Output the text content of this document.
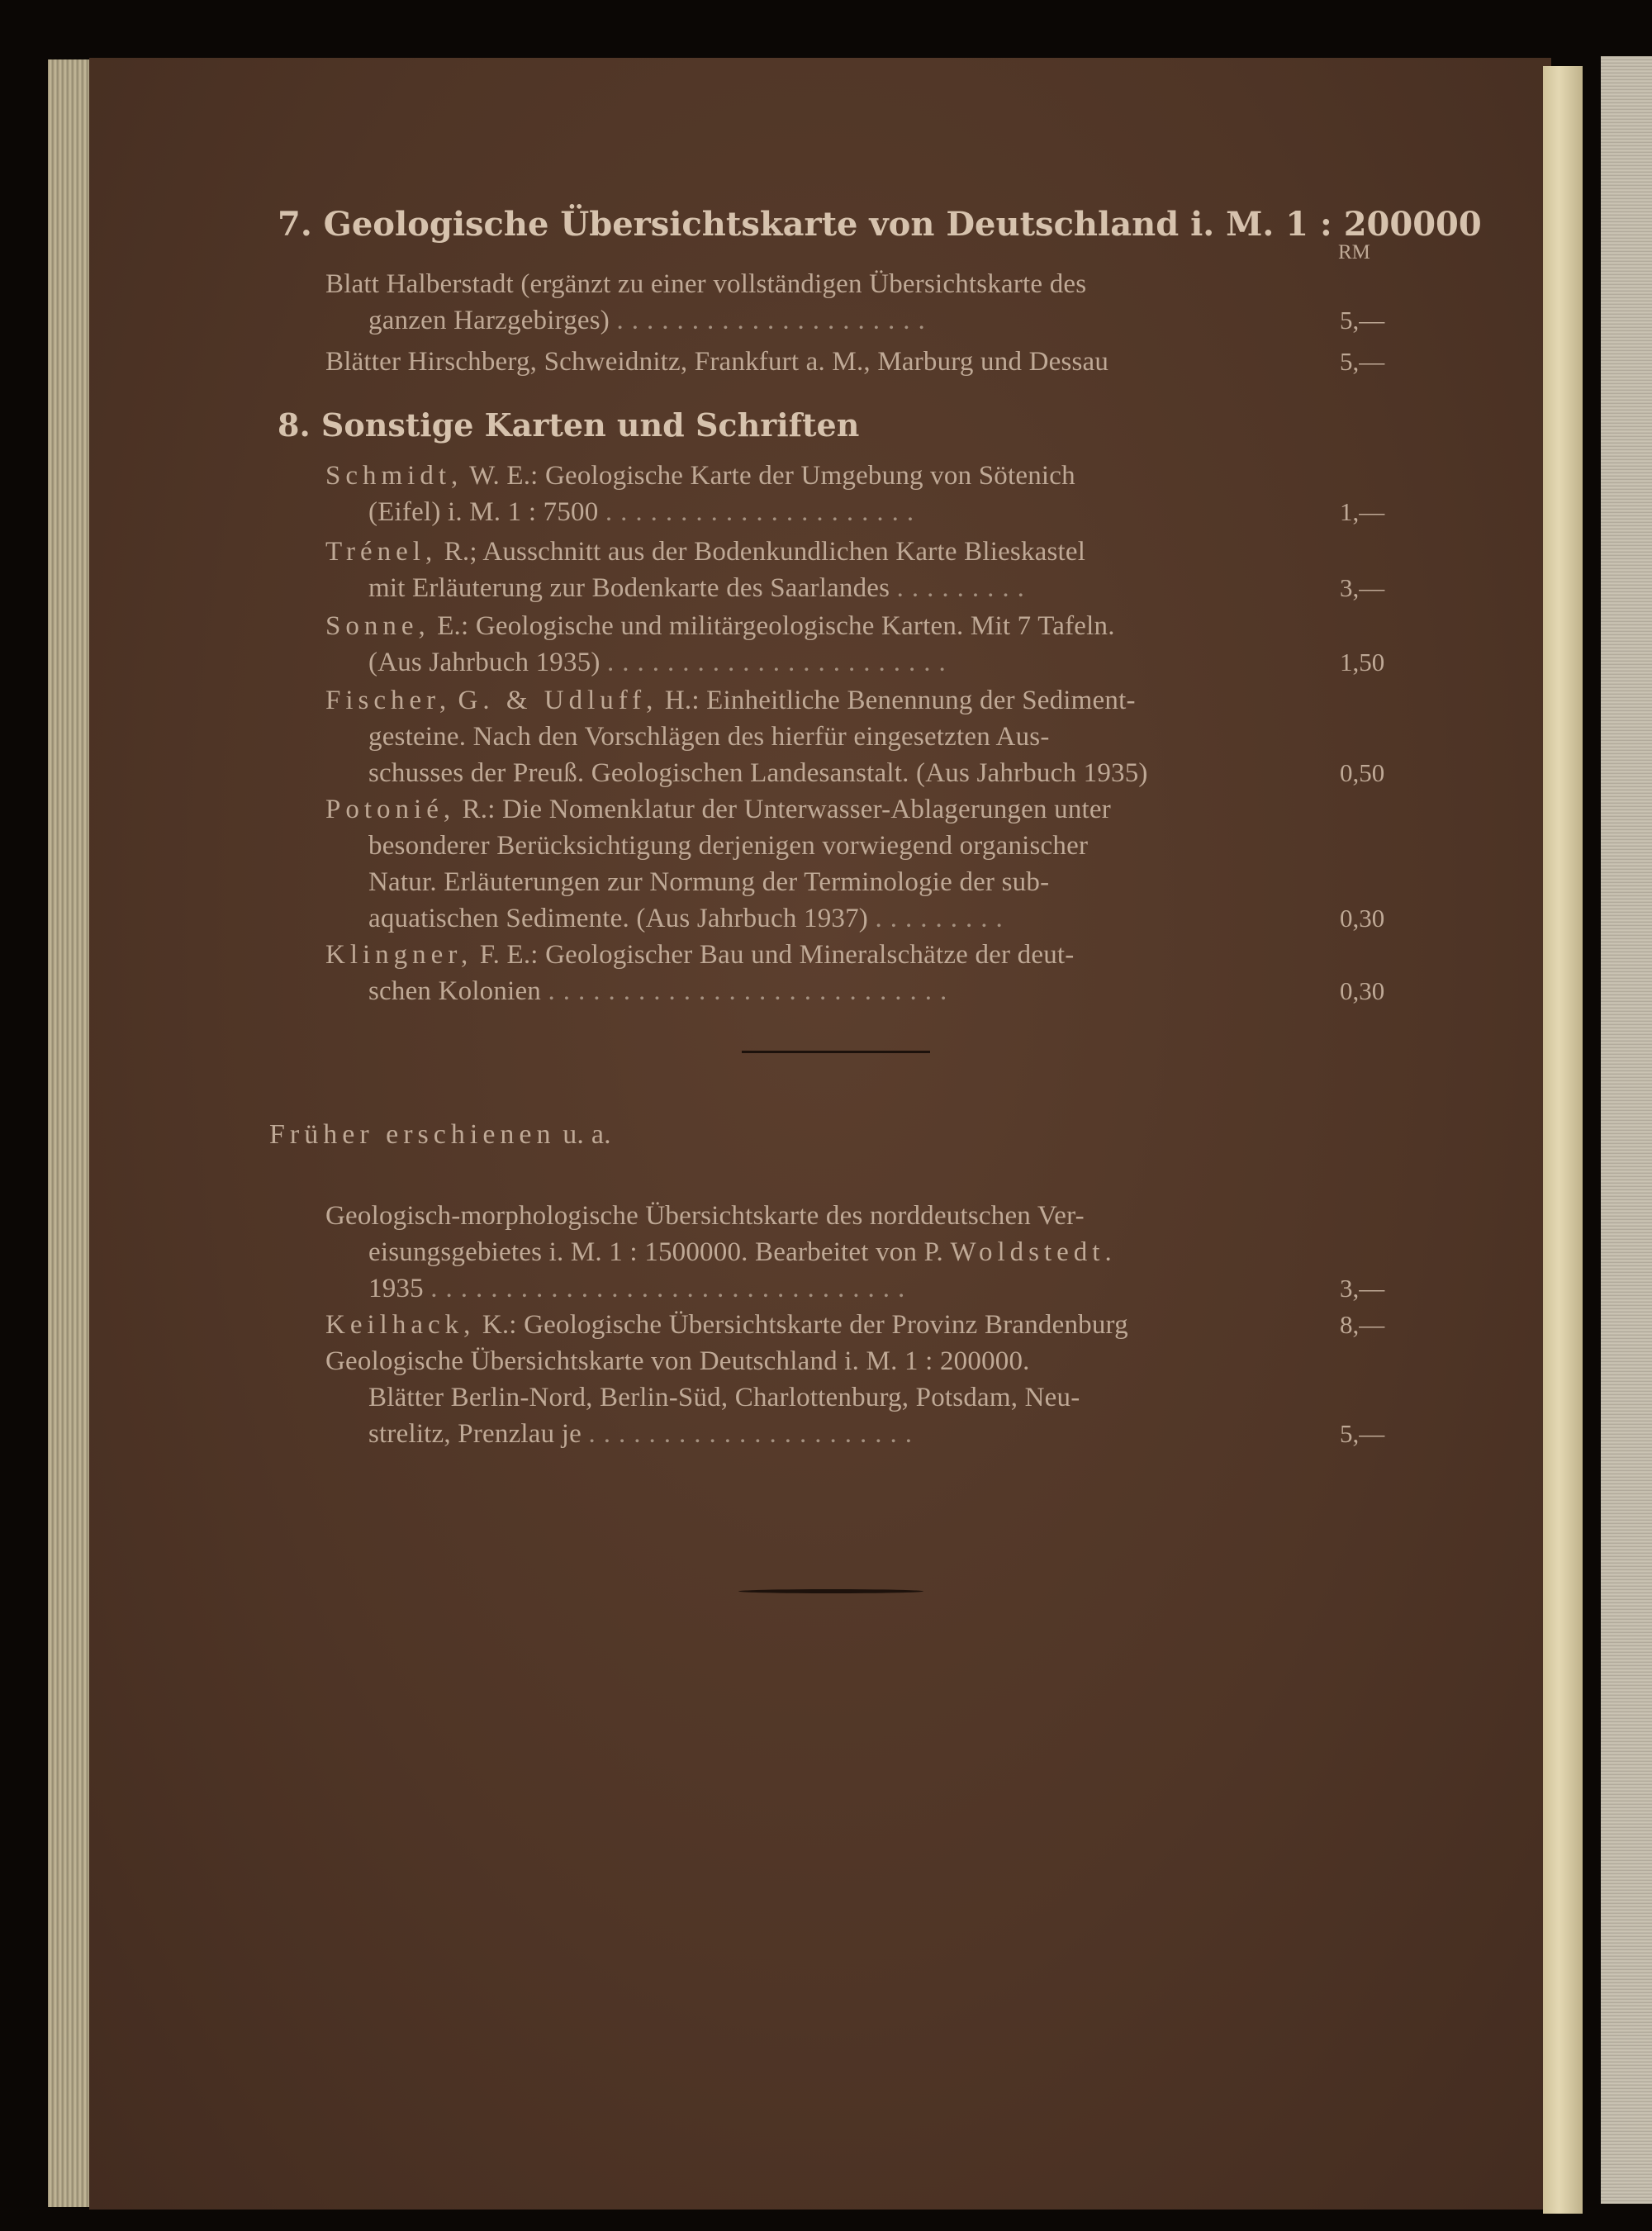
7. Geologische Übersichtskarte von Deutschland i. M. 1 : 200000
RM
Blatt Halberstadt (ergänzt zu einer vollständigen Übersichtskarte des
ganzen Harzgebirges) .....................	5,—
Blätter Hirschberg, Schweidnitz, Frankfurt a. M., Marburg und Dessau	5,—
8. Sonstige Karten und Schriften
Schmidt, W. E.: Geologische Karte der Umgebung von Sötenich
(Eifel) i. M. 1 : 7500 .....................	1,—
Trénel, R.; Ausschnitt aus der Bodenkundlichen Karte Blieskastel
mit Erläuterung zur Bodenkarte des Saarlandes .........	3,—
Sonne, E.: Geologische und militärgeologische Karten. Mit 7 Tafeln.
(Aus Jahrbuch 1935) .......................	1,50
Fischer, G. & Udluff, H.: Einheitliche Benennung der Sediment-
gesteine. Nach den Vorschlägen des hierfür eingesetzten Aus-
schusses der Preuß. Geologischen Landesanstalt. (Aus Jahrbuch 1935)	0,50
Potonié, R.: Die Nomenklatur der Unterwasser-Ablagerungen unter
besonderer Berücksichtigung derjenigen vorwiegend organischer
Natur. Erläuterungen zur Normung der Terminologie der sub-
aquatischen Sedimente. (Aus Jahrbuch 1937) .........	0,30
Klingner, F. E.: Geologischer Bau und Mineralschätze der deut-
schen Kolonien ...........................	0,30
Früher erschienen u. a.
Geologisch-morphologische Übersichtskarte des norddeutschen Ver-
eisungsgebietes i. M. 1 : 1500000. Bearbeitet von P. Woldstedt.
1935 ................................	3,—
Keilhack, K.: Geologische Übersichtskarte der Provinz Brandenburg	8,—
Geologische Übersichtskarte von Deutschland i. M. 1 : 200000.
Blätter Berlin-Nord, Berlin-Süd, Charlottenburg, Potsdam, Neu-
strelitz, Prenzlau je ......................	5,—
